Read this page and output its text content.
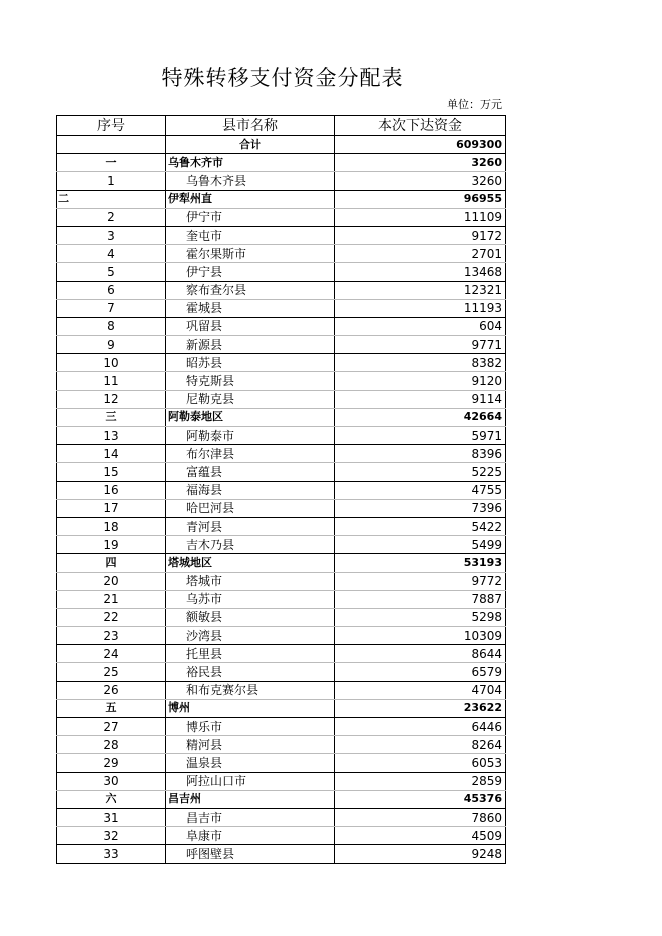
特殊转移支付资金分配表
单位：万元
序号	县市名称	本次下达资金
	合计	609300
一	乌鲁木齐市	3260
1	乌鲁木齐县	3260
二	伊犁州直	96955
2	伊宁市	11109
3	奎屯市	9172
4	霍尔果斯市	2701
5	伊宁县	13468
6	察布查尔县	12321
7	霍城县	11193
8	巩留县	604
9	新源县	9771
10	昭苏县	8382
11	特克斯县	9120
12	尼勒克县	9114
三	阿勒泰地区	42664
13	阿勒泰市	5971
14	布尔津县	8396
15	富蕴县	5225
16	福海县	4755
17	哈巴河县	7396
18	青河县	5422
19	吉木乃县	5499
四	塔城地区	53193
20	塔城市	9772
21	乌苏市	7887
22	额敏县	5298
23	沙湾县	10309
24	托里县	8644
25	裕民县	6579
26	和布克赛尔县	4704
五	博州	23622
27	博乐市	6446
28	精河县	8264
29	温泉县	6053
30	阿拉山口市	2859
六	昌吉州	45376
31	昌吉市	7860
32	阜康市	4509
33	呼图壁县	9248
